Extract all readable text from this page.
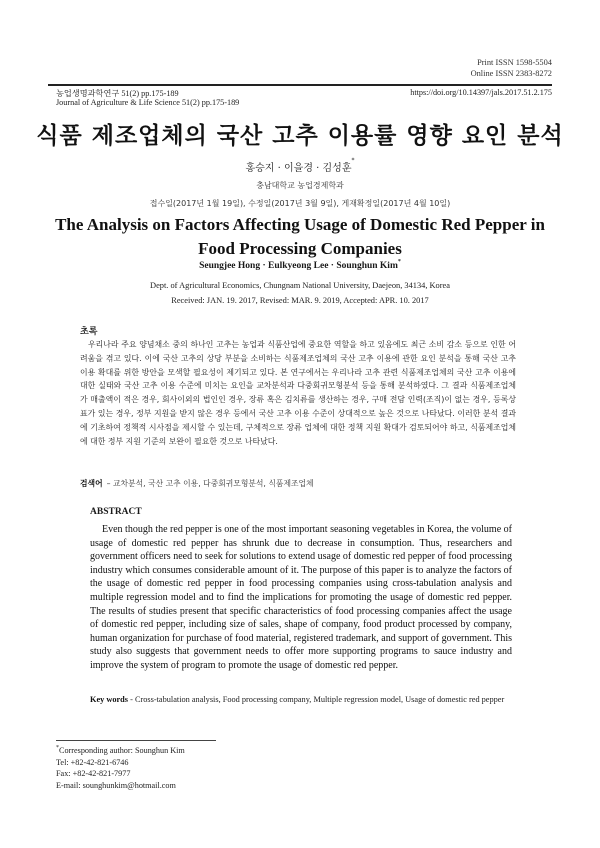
Print ISSN 1598-5504
Online ISSN 2383-8272
농업생명과학연구 51(2) pp.175-189	https://doi.org/10.14397/jals.2017.51.2.175
Journal of Agriculture & Life Science 51(2) pp.175-189
식품 제조업체의 국산 고추 이용률 영향 요인 분석
홍승지 · 이을경 · 김성훈*
충남대학교 농업경제학과
접수일(2017년 1월 19일), 수정일(2017년 3월 9일), 게재확정일(2017년 4월 10일)
The Analysis on Factors Affecting Usage of Domestic Red Pepper in Food Processing Companies
Seungjee Hong · Eulkyeong Lee · Sounghun Kim*
Dept. of Agricultural Economics, Chungnam National University, Daejeon, 34134, Korea
Received: JAN. 19. 2017, Revised: MAR. 9. 2019, Accepted: APR. 10. 2017
초록
우리나라 주요 양념채소 중의 하나인 고추는 농업과 식품산업에 중요한 역할을 하고 있음에도 최근 소비 감소 등으로 인한 어려움을 겪고 있다. 이에 국산 고추의 상당 부분을 소비하는 식품제조업체의 국산 고추 이용에 관한 요인 분석을 통해 국산 고추 이용 확대를 위한 방안을 모색할 필요성이 제기되고 있다. 본 연구에서는 우리나라 고추 관련 식품제조업체의 국산 고추 이용에 대한 실태와 국산 고추 이용 수준에 미치는 요인을 교차분석과 다중회귀모형분석 등을 통해 분석하였다. 그 결과 식품제조업체가 매출액이 적은 경우, 회사이외의 법인인 경우, 장류 혹은 김치류를 생산하는 경우, 구매 전담 인력(조직)이 없는 경우, 등록상표가 있는 경우, 정부 지원을 받지 않은 경우 등에서 국산 고추 이용 수준이 상대적으로 높은 것으로 나타났다. 이러한 분석 결과에 기초하여 정책적 시사점을 제시할 수 있는데, 구체적으로 장류 업체에 대한 정책 지원 확대가 검토되어야 하고, 식품제조업체에 대한 정부 지원 기준의 보완이 필요한 것으로 나타났다.
검색어 – 교차분석, 국산 고추 이용, 다중회귀모형분석, 식품제조업체
ABSTRACT
Even though the red pepper is one of the most important seasoning vegetables in Korea, the volume of usage of domestic red pepper has shrunk due to decrease in consumption. Thus, researchers and government officers need to seek for solutions to extend usage of domestic red pepper of food processing industry which consumes considerable amount of it. The purpose of this paper is to analyze the factors of the usage of domestic red pepper in food processing companies using cross-tabulation analysis and multiple regression model and to find the implications for promoting the usage of domestic red pepper. The results of studies present that specific characteristics of food processing companies affect the usage of domestic red pepper, including size of sales, shape of company, food product processed by company, human organization for purchase of food material, registered trademark, and support of government. This study also suggests that government needs to offer more supporting programs to sauce industry and improve the system of program to promote the usage of domestic red pepper.
Key words - Cross-tabulation analysis, Food processing company, Multiple regression model, Usage of domestic red pepper
*Corresponding author: Sounghun Kim
Tel: +82-42-821-6746
Fax: +82-42-821-7977
E-mail: sounghunkim@hotmail.com
